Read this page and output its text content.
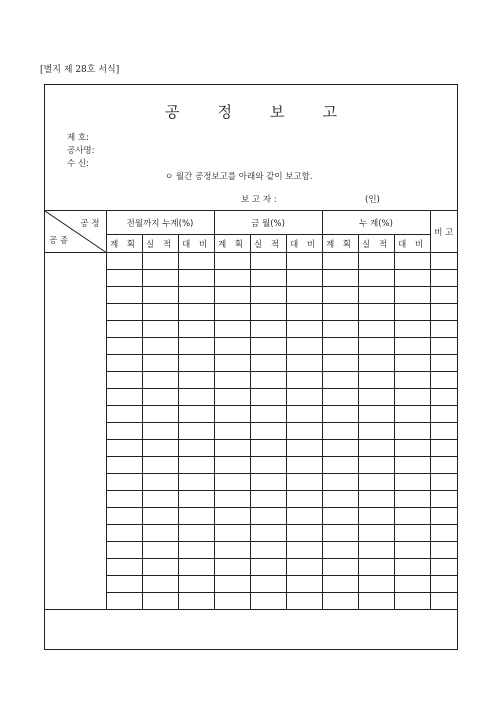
[별지 제 28호 서식]
공정보고
제 호:
공사명:
수 신:
ㅇ 월간 공정보고를 아래와 같이 보고함.
보 고 자 :	(인)
공 정
공 종	전월까지 누계(%)			금 월(%)			누 계(%)			비 고
	계 획	실 적	대 비	계 획	실 적	대 비	계 획	실 적	대 비	
